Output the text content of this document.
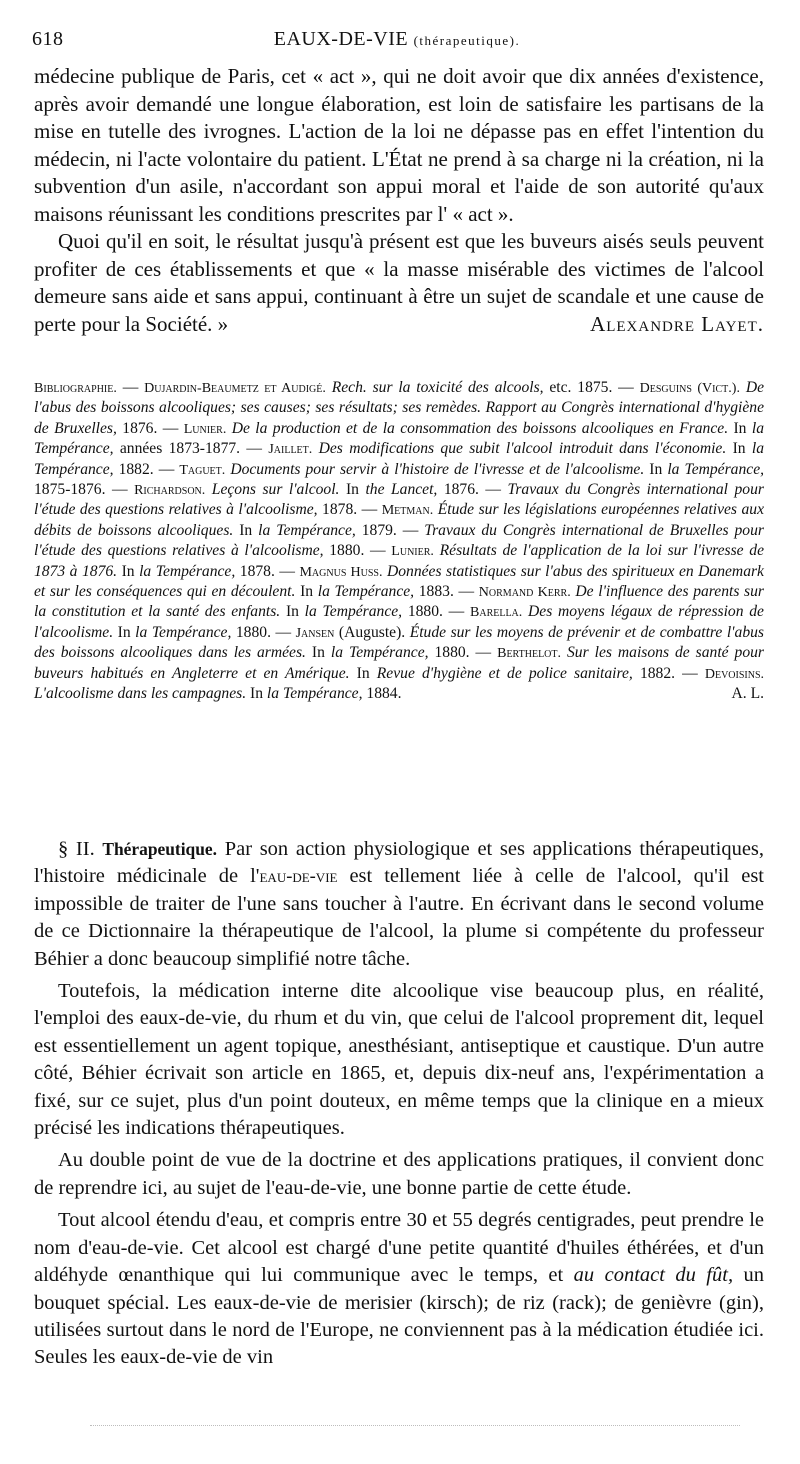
618	EAUX-DE-VIE (thérapeutique).

médecine publique de Paris, cet « act », qui ne doit avoir que dix années d'existence, après avoir demandé une longue élaboration, est loin de satisfaire les partisans de la mise en tutelle des ivrognes. L'action de la loi ne dépasse pas en effet l'intention du médecin, ni l'acte volontaire du patient. L'État ne prend à sa charge ni la création, ni la subvention d'un asile, n'accordant son appui moral et l'aide de son autorité qu'aux maisons réunissant les conditions prescrites par l' « act ».

Quoi qu'il en soit, le résultat jusqu'à présent est que les buveurs aisés seuls peuvent profiter de ces établissements et que « la masse misérable des victimes de l'alcool demeure sans aide et sans appui, continuant à être un sujet de scandale et une cause de perte pour la Société. »	Alexandre Layet.

Bibliographie. — Dujardin-Beaumetz et Audigé. Rech. sur la toxicité des alcools, etc. 1875. — Desguins (Vict.). De l'abus des boissons alcooliques; ses causes; ses résultats; ses remèdes. Rapport au Congrès international d'hygiène de Bruxelles, 1876. — Lunier. De la production et de la consommation des boissons alcooliques en France. In la Tempérance, années 1873-1877. — Jaillet. Des modifications que subit l'alcool introduit dans l'économie. In la Tempérance, 1882. — Taguet. Documents pour servir à l'histoire de l'ivresse et de l'alcoolisme. In la Tempérance, 1875-1876. — Richardson. Leçons sur l'alcool. In the Lancet, 1876. — Travaux du Congrès international pour l'étude des questions relatives à l'alcoolisme, 1878. — Metman. Étude sur les législations européennes relatives aux débits de boissons alcooliques. In la Tempérance, 1879. — Travaux du Congrès international de Bruxelles pour l'étude des questions relatives à l'alcoolisme, 1880. — Lunier. Résultats de l'application de la loi sur l'ivresse de 1873 à 1876. In la Tempérance, 1878. — Magnus Huss. Données statistiques sur l'abus des spiritueux en Danemark et sur les conséquences qui en découlent. In la Tempérance, 1883. — Normand Kerr. De l'influence des parents sur la constitution et la santé des enfants. In la Tempérance, 1880. — Barella. Des moyens légaux de répression de l'alcoolisme. In la Tempérance, 1880. — Jansen (Auguste). Étude sur les moyens de prévenir et de combattre l'abus des boissons alcooliques dans les armées. In la Tempérance, 1880. — Berthelot. Sur les maisons de santé pour buveurs habitués en Angleterre et en Amérique. In Revue d'hygiène et de police sanitaire, 1882. — Devoisins. L'alcoolisme dans les campagnes. In la Tempérance, 1884.	A. L.

§ II. Thérapeutique. Par son action physiologique et ses applications thérapeutiques, l'histoire médicinale de l'eau-de-vie est tellement liée à celle de l'alcool, qu'il est impossible de traiter de l'une sans toucher à l'autre. En écrivant dans le second volume de ce Dictionnaire la thérapeutique de l'alcool, la plume si compétente du professeur Béhier a donc beaucoup simplifié notre tâche.

Toutefois, la médication interne dite alcoolique vise beaucoup plus, en réalité, l'emploi des eaux-de-vie, du rhum et du vin, que celui de l'alcool proprement dit, lequel est essentiellement un agent topique, anesthésiant, antiseptique et caustique. D'un autre côté, Béhier écrivait son article en 1865, et, depuis dix-neuf ans, l'expérimentation a fixé, sur ce sujet, plus d'un point douteux, en même temps que la clinique en a mieux précisé les indications thérapeutiques.

Au double point de vue de la doctrine et des applications pratiques, il convient donc de reprendre ici, au sujet de l'eau-de-vie, une bonne partie de cette étude.

Tout alcool étendu d'eau, et compris entre 30 et 55 degrés centigrades, peut prendre le nom d'eau-de-vie. Cet alcool est chargé d'une petite quantité d'huiles éthérées, et d'un aldéhyde œnanthique qui lui communique avec le temps, et au contact du fût, un bouquet spécial. Les eaux-de-vie de merisier (kirsch); de riz (rack); de genièvre (gin), utilisées surtout dans le nord de l'Europe, ne conviennent pas à la médication étudiée ici. Seules les eaux-de-vie de vin
